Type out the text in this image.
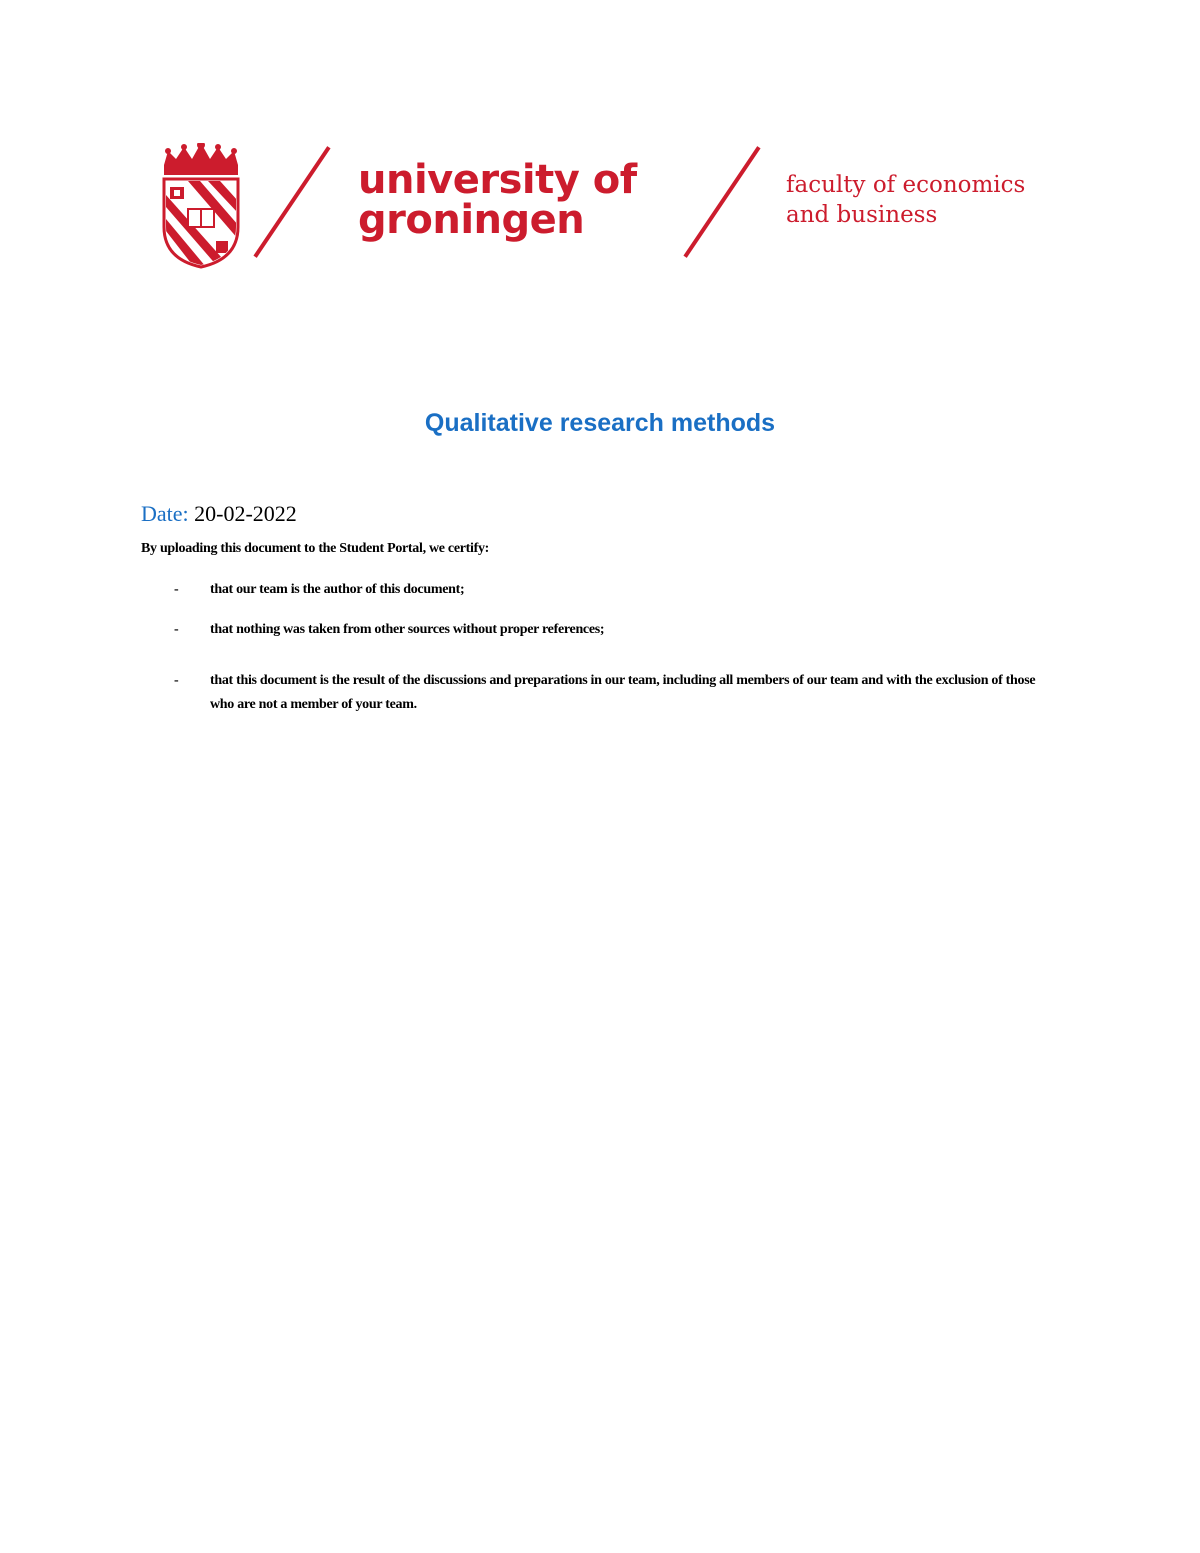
university of
groningen
faculty of economics
and business
Qualitative research methods
Date: 20-02-2022
By uploading this document to the Student Portal, we certify:
- that our team is the author of this document;
- that nothing was taken from other sources without proper references;
- that this document is the result of the discussions and preparations in our team, including all members of our team and with the exclusion of those who are not a member of your team.
